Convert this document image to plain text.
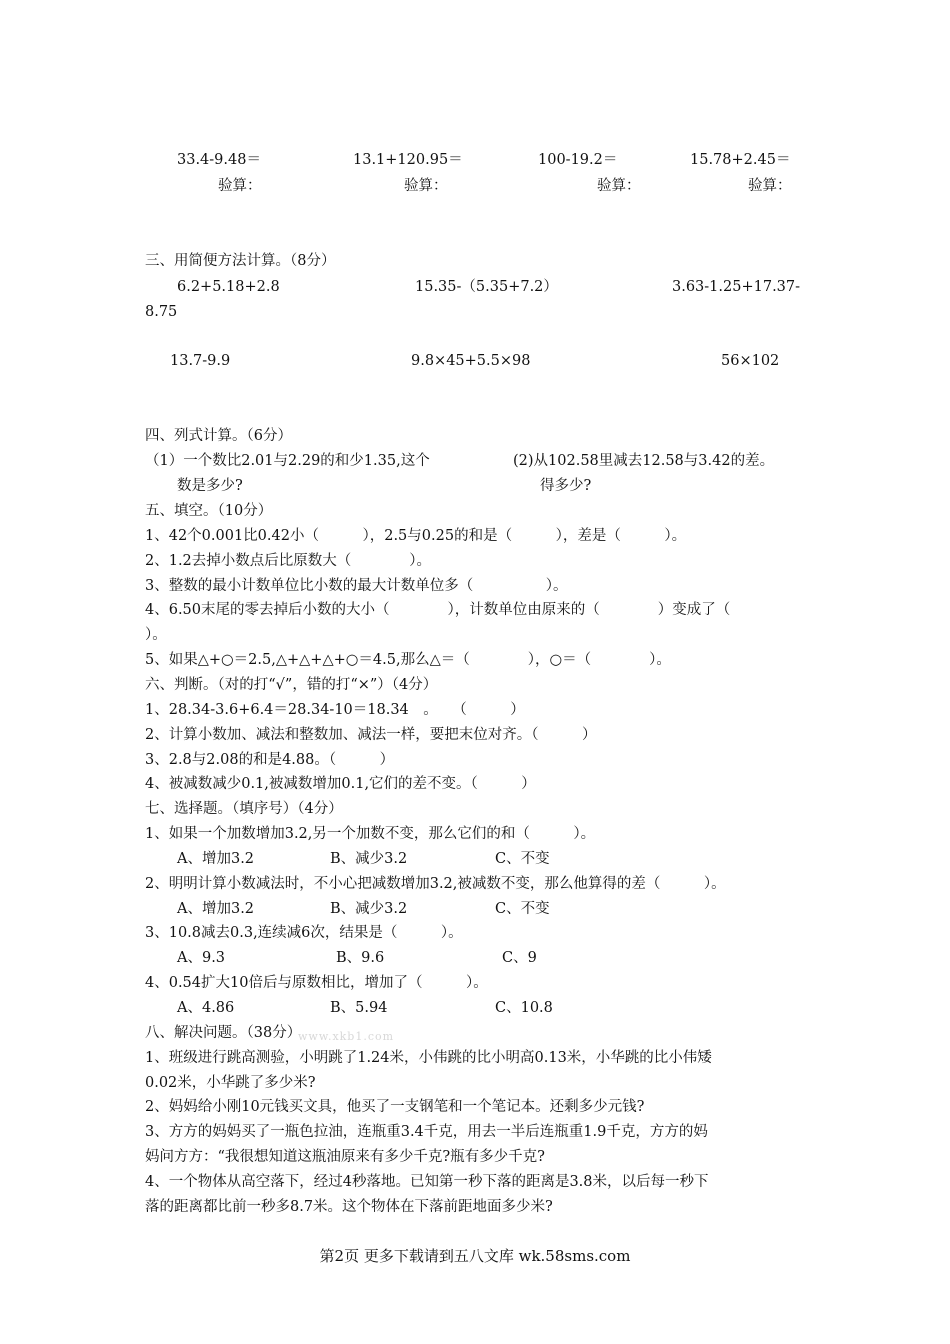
33.4-9.48＝	13.1+120.95＝	100-19.2＝	15.78+2.45＝
验算：	验算：	验算：	验算：
三、用简便方法计算。（8分）
6.2+5.18+2.8	15.35-（5.35+7.2）	3.63-1.25+17.37-
8.75
13.7-9.9	9.8×45+5.5×98	56×102
四、列式计算。（6分）
（1）一个数比2.01与2.29的和少1.35,这个
数是多少?
(2)从102.58里减去12.58与3.42的差。
得多少?
五、填空。（10分）
1、42个0.001比0.42小（　　　），2.5与0.25的和是（　　　），差是（　　　）。
2、1.2去掉小数点后比原数大（　　　　）。
3、整数的最小计数单位比小数的最大计数单位多（　　　　　）。
4、6.50末尾的零去掉后小数的大小（　　　　），计数单位由原来的（　　　　）变成了（
）。
5、如果△+○＝2.5,△+△+△+○＝4.5,那么△＝（　　　　），○＝（　　　　）。
六、判断。（对的打“√”，错的打“×”）（4分）
1、28.34-3.6+6.4＝28.34-10＝18.34　。　　（　　　）
2、计算小数加、减法和整数加、减法一样，要把末位对齐。（　　　）
3、2.8与2.08的和是4.88。（　　　）
4、被减数减少0.1,被减数增加0.1,它们的差不变。（　　　）
七、选择题。（填序号）（4分）
1、如果一个加数增加3.2,另一个加数不变，那么它们的和（　　　）。
A、增加3.2	B、减少3.2	C、不变
2、明明计算小数减法时，不小心把减数增加3.2,被减数不变，那么他算得的差（　　　）。
A、增加3.2	B、减少3.2	C、不变
3、10.8减去0.3,连续减6次，结果是（　　　）。
A、9.3	B、9.6	C、9
4、0.54扩大10倍后与原数相比，增加了（　　　）。
A、4.86	B、5.94	C、10.8
八、解决问题。（38分）
www.xkb1.com
1、班级进行跳高测验，小明跳了1.24米，小伟跳的比小明高0.13米，小华跳的比小伟矮
0.02米，小华跳了多少米?
2、妈妈给小刚10元钱买文具，他买了一支钢笔和一个笔记本。还剩多少元钱?
3、方方的妈妈买了一瓶色拉油，连瓶重3.4千克，用去一半后连瓶重1.9千克，方方的妈
妈问方方：“我很想知道这瓶油原来有多少千克?瓶有多少千克?
4、一个物体从高空落下，经过4秒落地。已知第一秒下落的距离是3.8米，以后每一秒下
落的距离都比前一秒多8.7米。这个物体在下落前距地面多少米?
第2页 更多下载请到五八文库 wk.58sms.com
